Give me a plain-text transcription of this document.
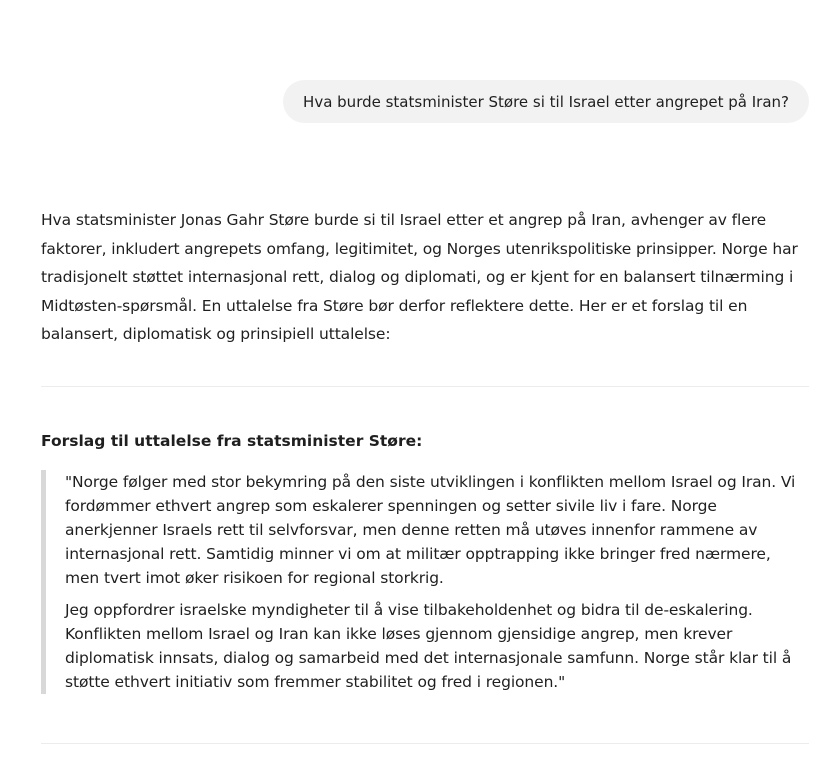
Hva burde statsminister Støre si til Israel etter angrepet på Iran?

Hva statsminister Jonas Gahr Støre burde si til Israel etter et angrep på Iran, avhenger av flere faktorer, inkludert angrepets omfang, legitimitet, og Norges utenrikspolitiske prinsipper. Norge har tradisjonelt støttet internasjonal rett, dialog og diplomati, og er kjent for en balansert tilnærming i Midtøsten-spørsmål. En uttalelse fra Støre bør derfor reflektere dette. Her er et forslag til en balansert, diplomatisk og prinsipiell uttalelse:

Forslag til uttalelse fra statsminister Støre:

"Norge følger med stor bekymring på den siste utviklingen i konflikten mellom Israel og Iran. Vi fordømmer ethvert angrep som eskalerer spenningen og setter sivile liv i fare. Norge anerkjenner Israels rett til selvforsvar, men denne retten må utøves innenfor rammene av internasjonal rett. Samtidig minner vi om at militær opptrapping ikke bringer fred nærmere, men tvert imot øker risikoen for regional storkrig.

Jeg oppfordrer israelske myndigheter til å vise tilbakeholdenhet og bidra til de-eskalering. Konflikten mellom Israel og Iran kan ikke løses gjennom gjensidige angrep, men krever diplomatisk innsats, dialog og samarbeid med det internasjonale samfunn. Norge står klar til å støtte ethvert initiativ som fremmer stabilitet og fred i regionen."
